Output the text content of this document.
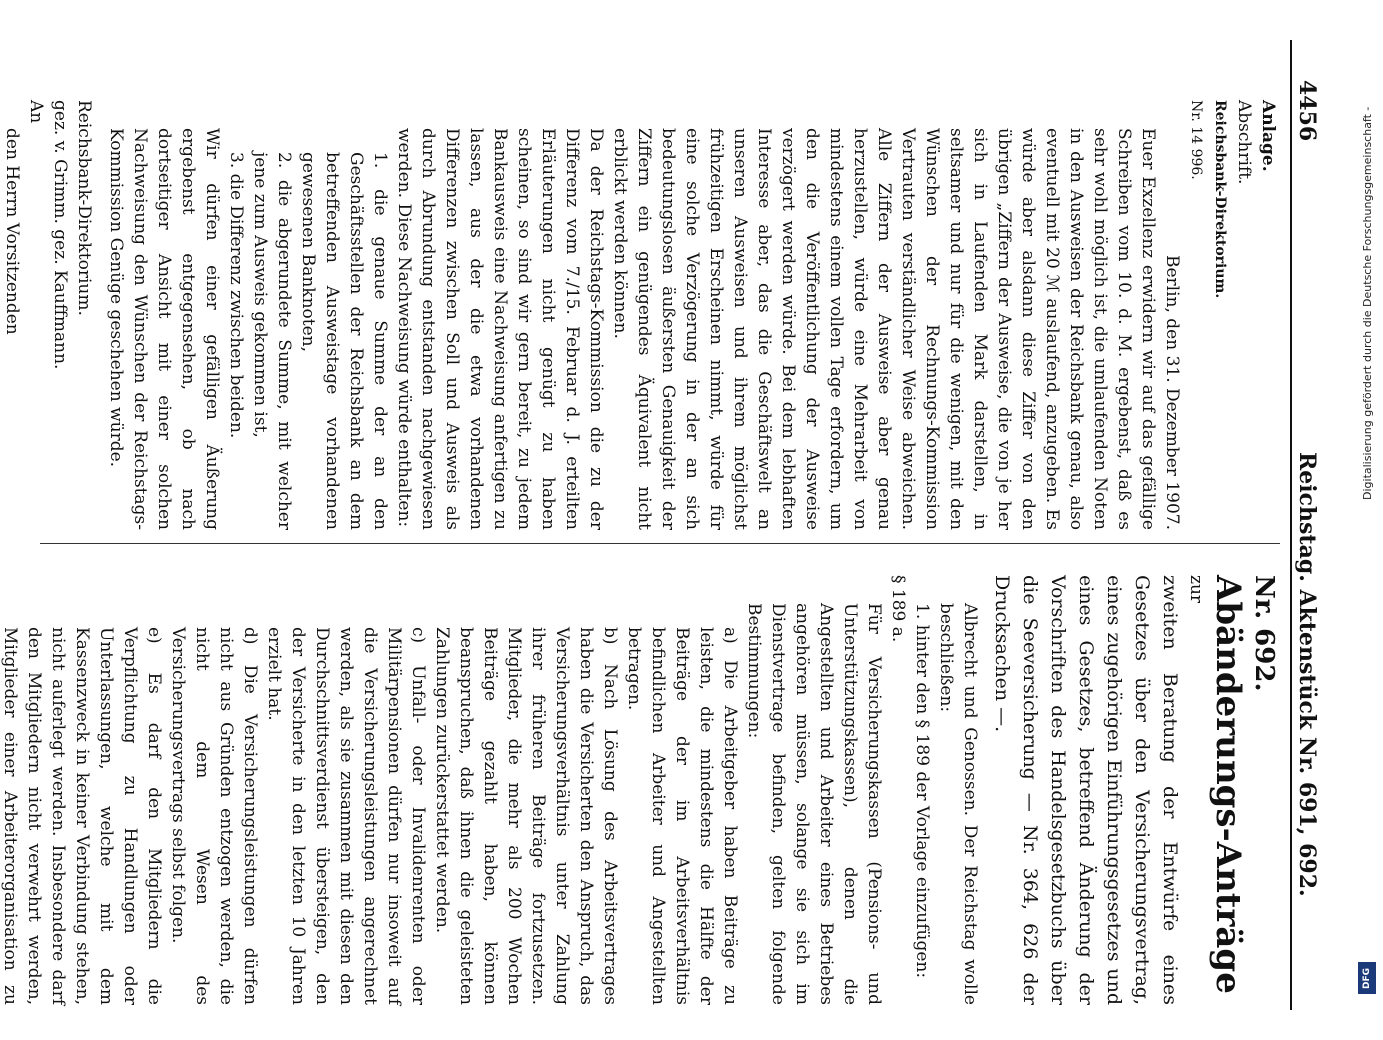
4456
Reichstag. Aktenstück Nr. 691, 692.

Anlage.

Abschrift.

Reichsbank-Direktorium.

Nr. 14 996.

Berlin, den 31. Dezember 1907.

Euer Exzellenz erwidern wir auf das gefällige Schreiben vom 10. d. M. ergebenst, daß es sehr wohl möglich ist, die umlaufenden Noten in den Ausweisen der Reichsbank genau, also eventuell mit 20 ℳ auslaufend, anzugeben. Es würde aber alsdann diese Ziffer von den übrigen „Ziffern der Ausweise, die von je her sich in Laufenden Mark darstellen, in seltsamer und nur für die wenigen, mit den Wünschen der Rechnungs-Kommission Vertrauten verständlicher Weise abweichen. Alle Ziffern der Ausweise aber genau herzustellen, würde eine Mehrarbeit von mindestens einem vollen Tage erfordern, um den die Veröffentlichung der Ausweise verzögert werden würde. Bei dem lebhaften Interesse aber, das die Geschäftswelt an unseren Ausweisen und ihrem möglichst frühzeitigen Erscheinen nimmt, würde für eine solche Verzögerung in der an sich bedeutungslosen äußersten Genauigkeit der Ziffern ein genügendes Äquivalent nicht erblickt werden können.

Da der Reichstags-Kommission die zu der Differenz vom 7./15. Februar d. J. erteilten Erläuterungen nicht genügt zu haben scheinen, so sind wir gern bereit, zu jedem Bankausweis eine Nachweisung anfertigen zu lassen, aus der die etwa vorhandenen Differenzen zwischen Soll und Ausweis als durch Abrundung entstanden nachgewiesen werden. Diese Nachweisung würde enthalten:

1. die genaue Summe der an den Geschäftsstellen der Reichsbank an dem betreffenden Ausweistage vorhandenen gewesenen Banknoten,

2. die abgerundete Summe, mit welcher jene zum Ausweis gekommen ist,

3. die Differenz zwischen beiden.

Wir dürfen einer gefälligen Äußerung ergebenst entgegensehen, ob nach dortseitiger Ansicht mit einer solchen Nachweisung den Wünschen der Reichstags-Kommission Genüge geschehen würde.

Reichsbank-Direktorium.

gez. v. Grimm. gez. Kauffmann.

An

den Herrn Vorsitzenden

Nr. 692.

Abänderungs-Anträge

zur

zweiten Beratung der Entwürfe eines Gesetzes über den Versicherungsvertrag, eines zugehörigen Einführungsgesetzes und eines Gesetzes, betreffend Änderung der Vorschriften des Handelsgesetzbuchs über die Seeversicherung — Nr. 364, 626 der Drucksachen —.

Albrecht und Genossen. Der Reichstag wolle beschließen:

1. hinter den § 189 der Vorlage einzufügen:

§ 189 a.

Für Versicherungskassen (Pensions- und Unterstützungskassen), denen die Angestellten und Arbeiter eines Betriebes angehören müssen, solange sie sich im Dienstvertrage befinden, gelten folgende Bestimmungen:

a) Die Arbeitgeber haben Beiträge zu leisten, die mindestens die Hälfte der Beiträge der im Arbeitsverhältnis befindlichen Arbeiter und Angestellten betragen.

b) Nach Lösung des Arbeitsvertrages haben die Versicherten den Anspruch, das Versicherungsverhältnis unter Zahlung ihrer früheren Beiträge fortzusetzen. Mitglieder, die mehr als 200 Wochen Beiträge gezahlt haben, können beanspruchen, daß ihnen die geleisteten Zahlungen zurückerstattet werden.

c) Unfall- oder Invalidenrenten oder Militärpensionen dürfen nur insoweit auf die Versicherungsleistungen angerechnet werden, als sie zusammen mit diesen den Durchschnittsverdienst übersteigen, den der Versicherte in den letzten 10 Jahren erzielt hat.

d) Die Versicherungsleistungen dürfen nicht aus Gründen entzogen werden, die nicht dem Wesen des Versicherungsvertrags selbst folgen.

e) Es darf den Mitgliedern die Verpflichtung zu Handlungen oder Unterlassungen, welche mit dem Kassenzweck in keiner Verbindung stehen, nicht auferlegt werden. Insbesondere darf den Mitgliedern nicht verwehrt werden, Mitglieder einer Arbeiterorganisation zu

Digitalisierung gefördert durch die Deutsche Forschungsgemeinschaft -
DFG
